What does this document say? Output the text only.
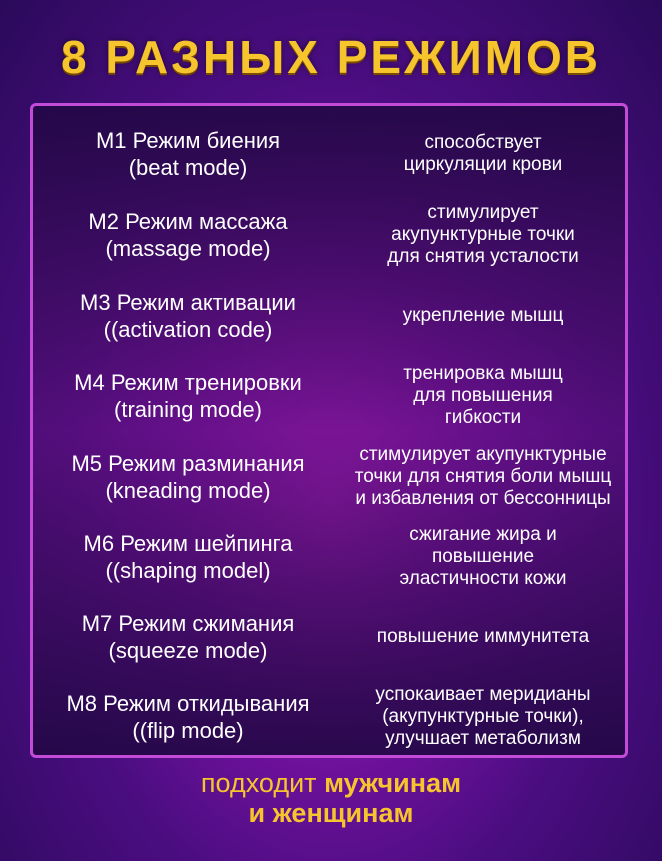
8 РАЗНЫХ РЕЖИМОВ
М1 Режим биения
(beat mode)
способствует
циркуляции крови
М2 Режим массажа
(massage mode)
стимулирует
акупунктурные точки
для снятия усталости
М3 Режим активации
((activation code)
укрепление мышц
М4 Режим тренировки
(training mode)
тренировка мышц
для повышения
гибкости
М5 Режим разминания
(kneading mode)
стимулирует акупунктурные
точки для снятия боли мышц
и избавления от бессонницы
М6 Режим шейпинга
((shaping model)
сжигание жира и
повышение
эластичности кожи
М7 Режим сжимания
(squeeze mode)
повышение иммунитета
М8 Режим откидывания
((flip mode)
успокаивает меридианы
(акупунктурные точки),
улучшает метаболизм
подходит мужчинам
и женщинам
